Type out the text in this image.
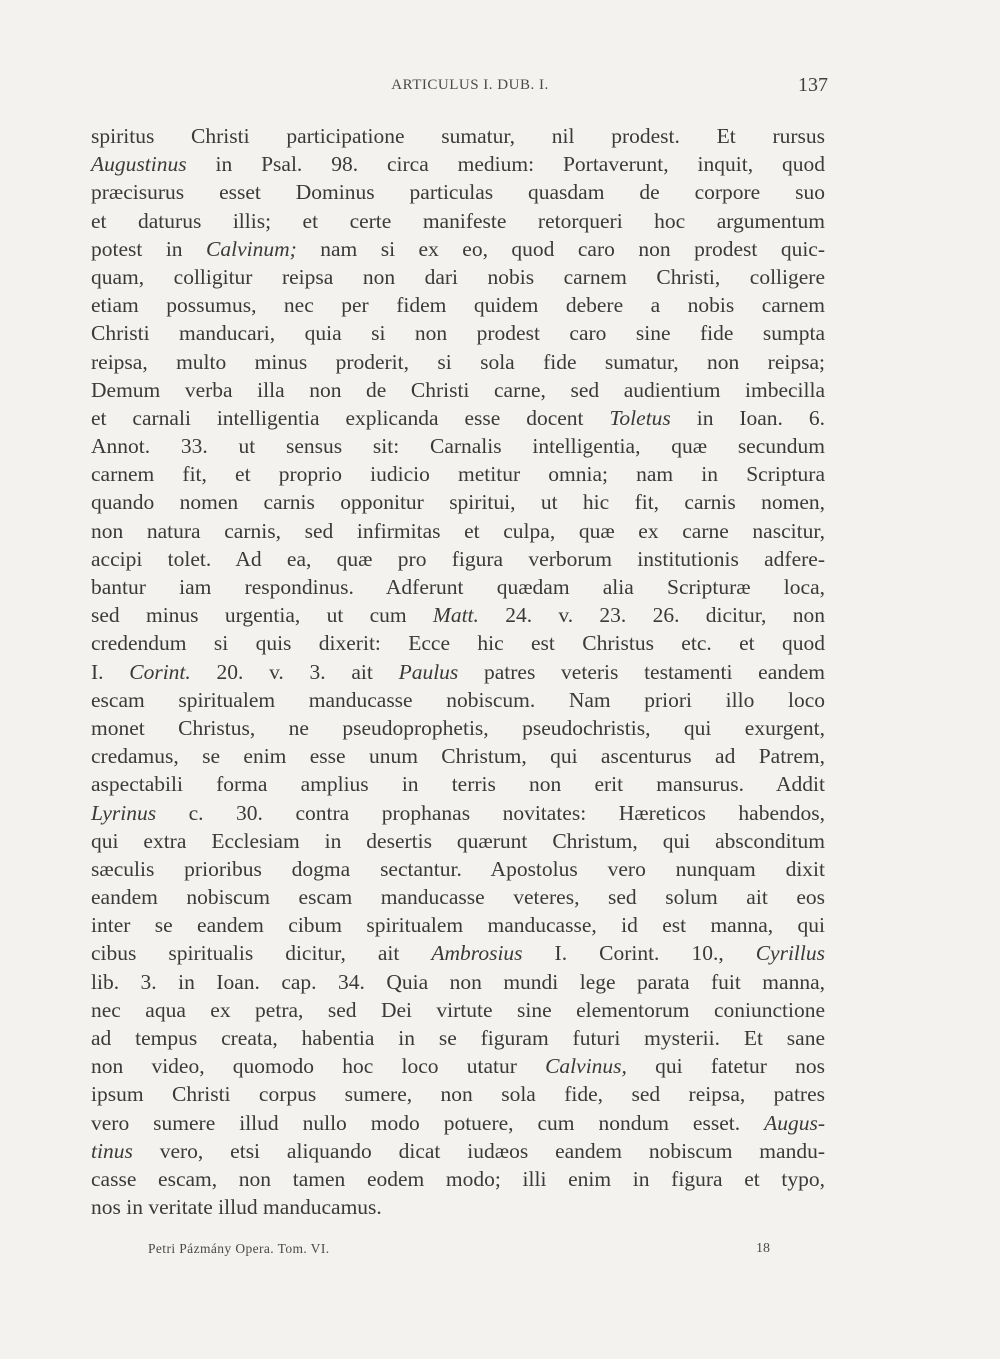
ARTICULUS I. DUB. I.	137
spiritus Christi participatione sumatur, nil prodest. Et rursus
Augustinus in Psal. 98. circa medium: Portaverunt, inquit, quod
præcisurus esset Dominus particulas quasdam de corpore suo
et daturus illis; et certe manifeste retorqueri hoc argumentum
potest in Calvinum; nam si ex eo, quod caro non prodest quic-
quam, colligitur reipsa non dari nobis carnem Christi, colligere
etiam possumus, nec per fidem quidem debere a nobis carnem
Christi manducari, quia si non prodest caro sine fide sumpta
reipsa, multo minus proderit, si sola fide sumatur, non reipsa;
Demum verba illa non de Christi carne, sed audientium imbecilla
et carnali intelligentia explicanda esse docent Toletus in Ioan. 6.
Annot. 33. ut sensus sit: Carnalis intelligentia, quæ secundum
carnem fit, et proprio iudicio metitur omnia; nam in Scriptura
quando nomen carnis opponitur spiritui, ut hic fit, carnis nomen,
non natura carnis, sed infirmitas et culpa, quæ ex carne nascitur,
accipi tolet. Ad ea, quæ pro figura verborum institutionis adfere-
bantur iam respondinus. Adferunt quædam alia Scripturæ loca,
sed minus urgentia, ut cum Matt. 24. v. 23. 26. dicitur, non
credendum si quis dixerit: Ecce hic est Christus etc. et quod
I. Corint. 20. v. 3. ait Paulus patres veteris testamenti eandem
escam spiritualem manducasse nobiscum. Nam priori illo loco
monet Christus, ne pseudoprophetis, pseudochristis, qui exurgent,
credamus, se enim esse unum Christum, qui ascenturus ad Patrem,
aspectabili forma amplius in terris non erit mansurus. Addit
Lyrinus c. 30. contra prophanas novitates: Hæreticos habendos,
qui extra Ecclesiam in desertis quærunt Christum, qui absconditum
sæculis prioribus dogma sectantur. Apostolus vero nunquam dixit
eandem nobiscum escam manducasse veteres, sed solum ait eos
inter se eandem cibum spiritualem manducasse, id est manna, qui
cibus spiritualis dicitur, ait Ambrosius I. Corint. 10., Cyrillus
lib. 3. in Ioan. cap. 34. Quia non mundi lege parata fuit manna,
nec aqua ex petra, sed Dei virtute sine elementorum coniunctione
ad tempus creata, habentia in se figuram futuri mysterii. Et sane
non video, quomodo hoc loco utatur Calvinus, qui fatetur nos
ipsum Christi corpus sumere, non sola fide, sed reipsa, patres
vero sumere illud nullo modo potuere, cum nondum esset. Augus-
tinus vero, etsi aliquando dicat iudæos eandem nobiscum mandu-
casse escam, non tamen eodem modo; illi enim in figura et typo,
nos in veritate illud manducamus.
Petri Pázmány Opera. Tom. VI.	18
